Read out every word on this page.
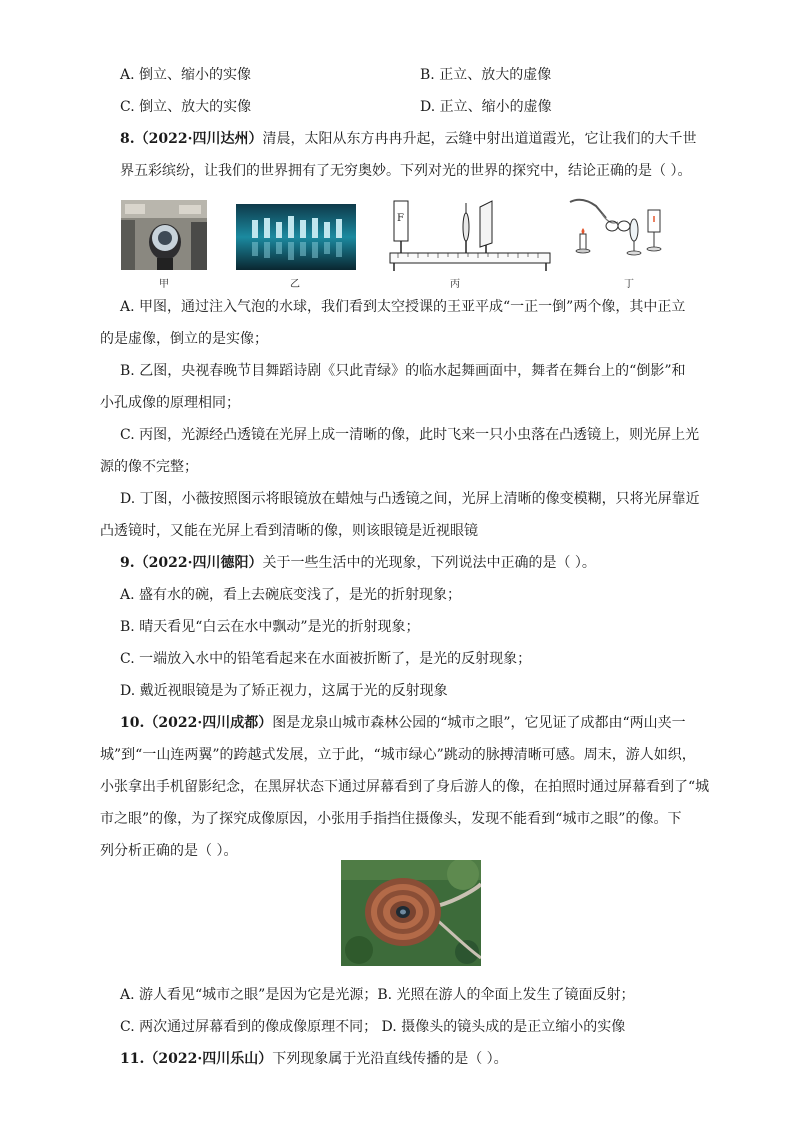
A. 倒立、缩小的实像	B. 正立、放大的虚像
C. 倒立、放大的实像	D. 正立、缩小的虚像
8.（2022·四川达州）清晨，太阳从东方冉冉升起，云缝中射出道道霞光，它让我们的大千世
界五彩缤纷，让我们的世界拥有了无穷奥妙。下列对光的世界的探究中，结论正确的是（ ）。
甲	乙
F
丙	丁
A. 甲图，通过注入气泡的水球，我们看到太空授课的王亚平成“一正一倒”两个像，其中正立
的是虚像，倒立的是实像；
B. 乙图，央视春晚节目舞蹈诗剧《只此青绿》的临水起舞画面中，舞者在舞台上的“倒影”和
小孔成像的原理相同；
C. 丙图，光源经凸透镜在光屏上成一清晰的像，此时飞来一只小虫落在凸透镜上，则光屏上光
源的像不完整；
D. 丁图，小薇按照图示将眼镜放在蜡烛与凸透镜之间，光屏上清晰的像变模糊，只将光屏靠近
凸透镜时，又能在光屏上看到清晰的像，则该眼镜是近视眼镜
9.（2022·四川德阳）关于一些生活中的光现象，下列说法中正确的是（ ）。
A. 盛有水的碗，看上去碗底变浅了，是光的折射现象；
B. 晴天看见“白云在水中飘动”是光的折射现象；
C. 一端放入水中的铅笔看起来在水面被折断了，是光的反射现象；
D. 戴近视眼镜是为了矫正视力，这属于光的反射现象
10.（2022·四川成都）图是龙泉山城市森林公园的“城市之眼”，它见证了成都由“两山夹一
城”到“一山连两翼”的跨越式发展，立于此，“城市绿心”跳动的脉搏清晰可感。周末，游人如织，
小张拿出手机留影纪念，在黑屏状态下通过屏幕看到了身后游人的像，在拍照时通过屏幕看到了“城
市之眼”的像，为了探究成像原因，小张用手指挡住摄像头，发现不能看到“城市之眼”的像。下
列分析正确的是（ ）。
A. 游人看见“城市之眼”是因为它是光源；B. 光照在游人的伞面上发生了镜面反射；
C. 两次通过屏幕看到的像成像原理不同； D. 摄像头的镜头成的是正立缩小的实像
11.（2022·四川乐山）下列现象属于光沿直线传播的是（ ）。
